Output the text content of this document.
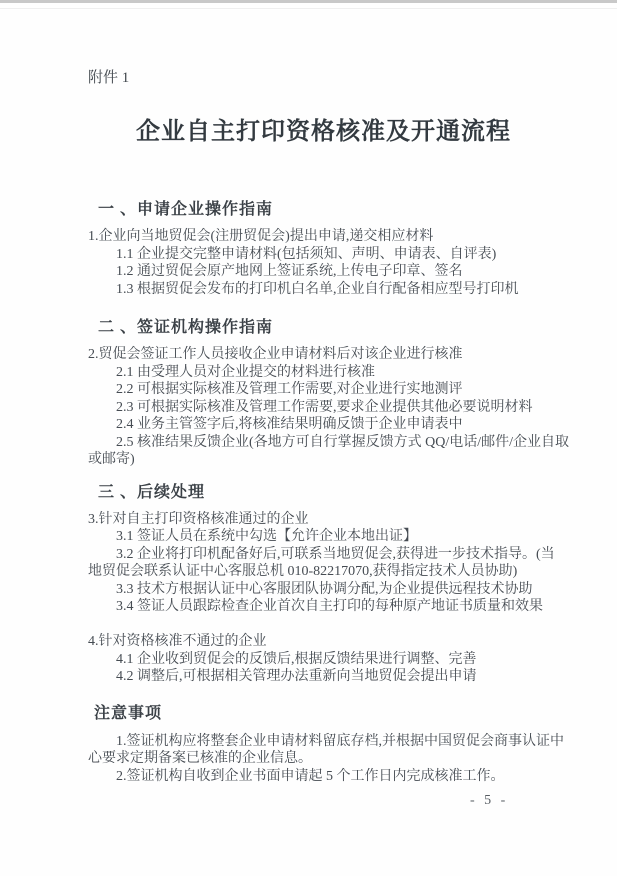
附件 1
企业自主打印资格核准及开通流程
一 、申请企业操作指南
1.企业向当地贸促会(注册贸促会)提出申请,递交相应材料
1.1 企业提交完整申请材料(包括须知、声明、申请表、自评表)
1.2 通过贸促会原产地网上签证系统,上传电子印章、签名
1.3 根据贸促会发布的打印机白名单,企业自行配备相应型号打印机
二 、签证机构操作指南
2.贸促会签证工作人员接收企业申请材料后对该企业进行核准
2.1 由受理人员对企业提交的材料进行核准
2.2 可根据实际核准及管理工作需要,对企业进行实地测评
2.3 可根据实际核准及管理工作需要,要求企业提供其他必要说明材料
2.4 业务主管签字后,将核准结果明确反馈于企业申请表中
2.5 核准结果反馈企业(各地方可自行掌握反馈方式 QQ/电话/邮件/企业自取
或邮寄)
三 、后续处理
3.针对自主打印资格核准通过的企业
3.1 签证人员在系统中勾选【允许企业本地出证】
3.2 企业将打印机配备好后,可联系当地贸促会,获得进一步技术指导。(当
地贸促会联系认证中心客服总机 010-82217070,获得指定技术人员协助)
3.3 技术方根据认证中心客服团队协调分配,为企业提供远程技术协助
3.4 签证人员跟踪检查企业首次自主打印的每种原产地证书质量和效果
4.针对资格核准不通过的企业
4.1 企业收到贸促会的反馈后,根据反馈结果进行调整、完善
4.2 调整后,可根据相关管理办法重新向当地贸促会提出申请
注意事项
1.签证机构应将整套企业申请材料留底存档,并根据中国贸促会商事认证中
心要求定期备案已核准的企业信息。
2.签证机构自收到企业书面申请起 5 个工作日内完成核准工作。
- 5 -
